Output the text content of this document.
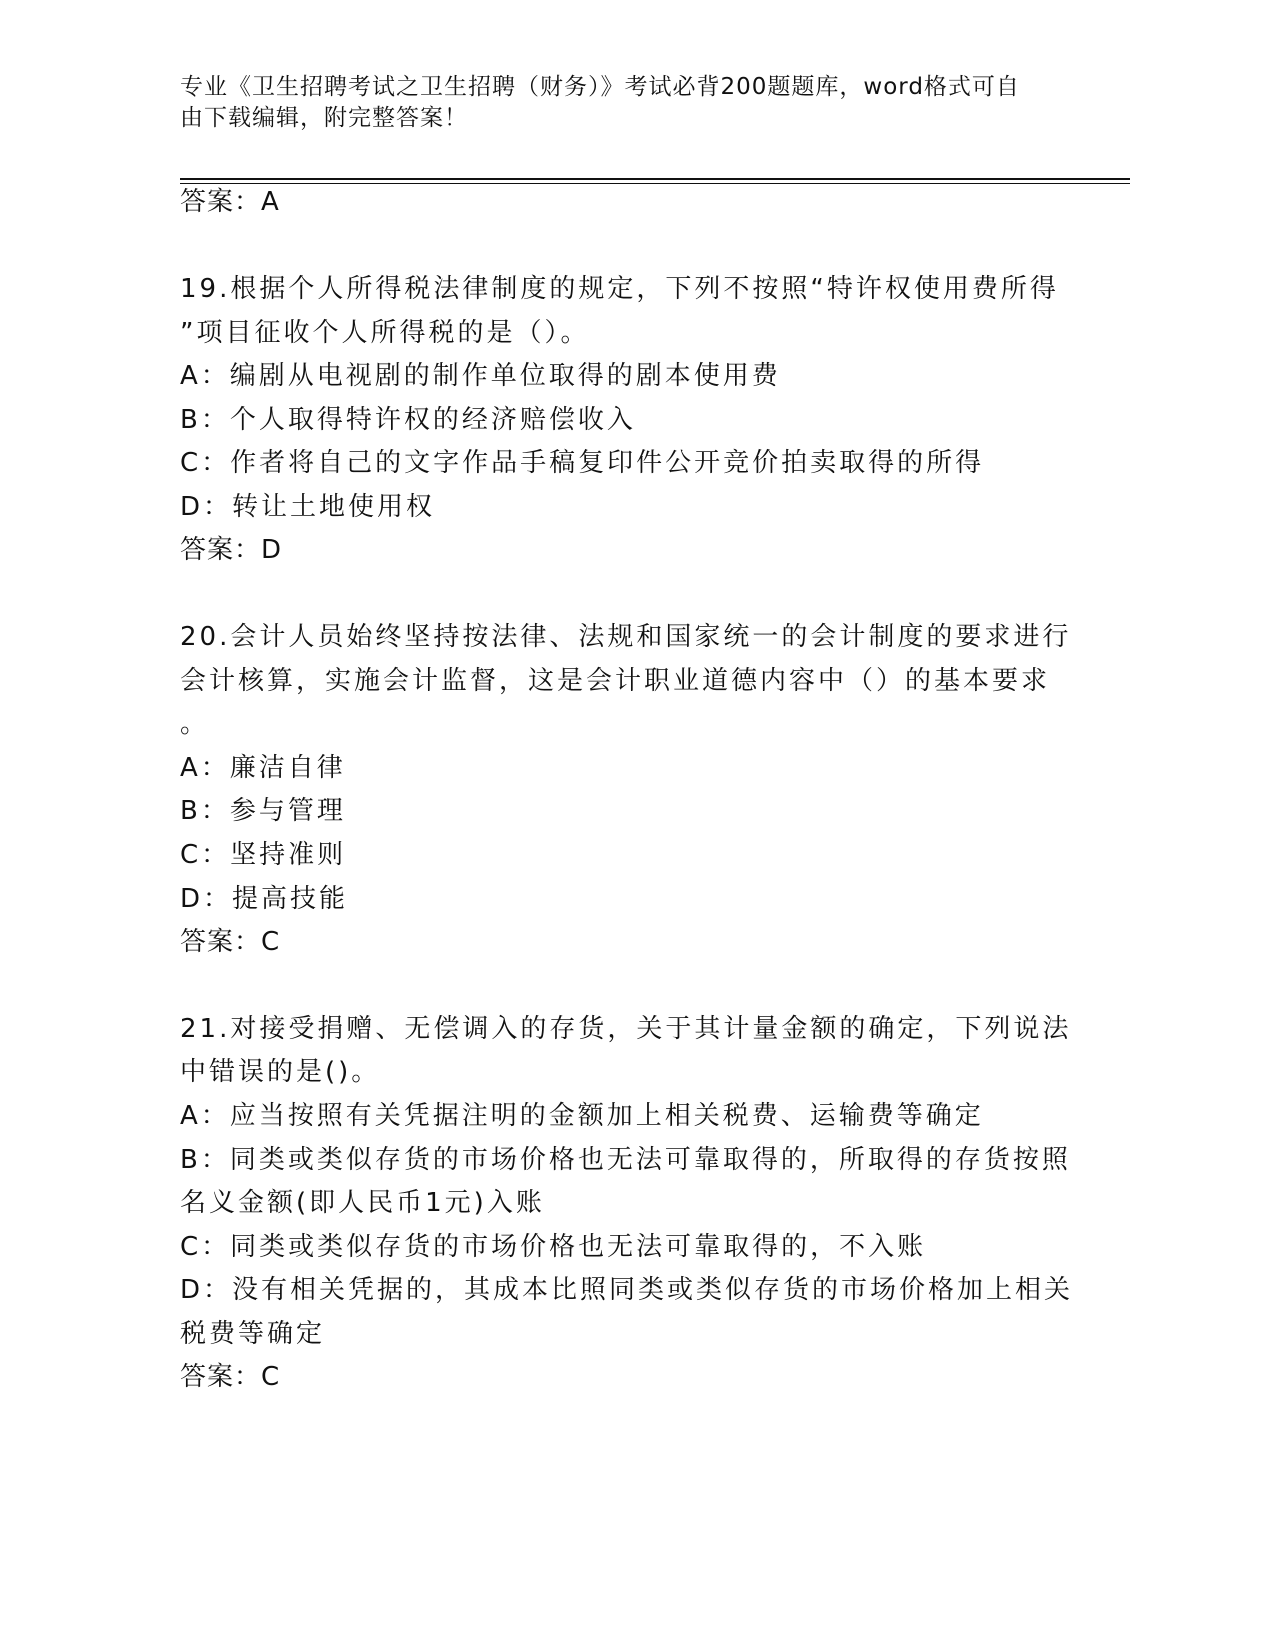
专业《卫生招聘考试之卫生招聘（财务）》考试必背200题题库，word格式可自
由下载编辑，附完整答案！
答案：A
19.根据个人所得税法律制度的规定，下列不按照“特许权使用费所得
”项目征收个人所得税的是（）。
A：编剧从电视剧的制作单位取得的剧本使用费
B：个人取得特许权的经济赔偿收入
C：作者将自己的文字作品手稿复印件公开竞价拍卖取得的所得
D：转让土地使用权
答案：D
20.会计人员始终坚持按法律、法规和国家统一的会计制度的要求进行
会计核算，实施会计监督，这是会计职业道德内容中（）的基本要求
。
A：廉洁自律
B：参与管理
C：坚持准则
D：提高技能
答案：C
21.对接受捐赠、无偿调入的存货，关于其计量金额的确定，下列说法
中错误的是()。
A：应当按照有关凭据注明的金额加上相关税费、运输费等确定
B：同类或类似存货的市场价格也无法可靠取得的，所取得的存货按照
名义金额(即人民币1元)入账
C：同类或类似存货的市场价格也无法可靠取得的，不入账
D：没有相关凭据的，其成本比照同类或类似存货的市场价格加上相关
税费等确定
答案：C
